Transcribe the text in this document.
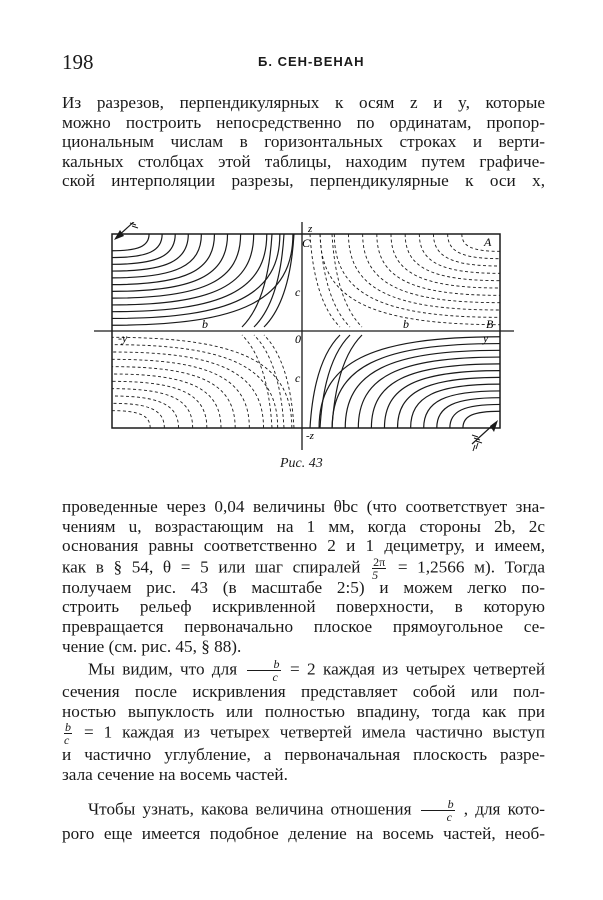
198	Б. СЕН-ВЕНАН
Из разрезов, перпендикулярных к осям z и y, которые
можно построить непосредственно по ординатам, пропор-
циональным числам в горизонтальных строках и верти-
кальных столбцах этой таблицы, находим путем графиче-
ской интерполяции разрезы, перпендикулярные к оси x,
z
-z
-y	y
0
C	A
B
b	b
c
c
Рис. 43
проведенные через 0,04 величины θbc (что соответствует зна-
чениям u, возрастающим на 1 мм, когда стороны 2b, 2c
основания равны соответственно 2 и 1 дециметру, и имеем,
как в § 54, θ = 5 или шаг спиралей $\frac{2\pi}{5} = 1,2566$ м). Тогда
получаем рис. 43 (в масштабе 2:5) и можем легко по-
строить рельеф искривленной поверхности, в которую
превращается первоначально плоское прямоугольное се-
чение (см. рис. 45, § 88).
Мы видим, что для $\frac{b}{c} = 2$ каждая из четырех четвертей
сечения после искривления представляет собой или пол-
ностью выпуклость или полностью впадину, тогда как при
$\frac{b}{c} = 1$ каждая из четырех четвертей имела частично выступ
и частично углубление, а первоначальная плоскость разре-
зала сечение на восемь частей.
Чтобы узнать, какова величина отношения $\frac{b}{c}$ , для кото-
рого еще имеется подобное деление на восемь частей, необ-
